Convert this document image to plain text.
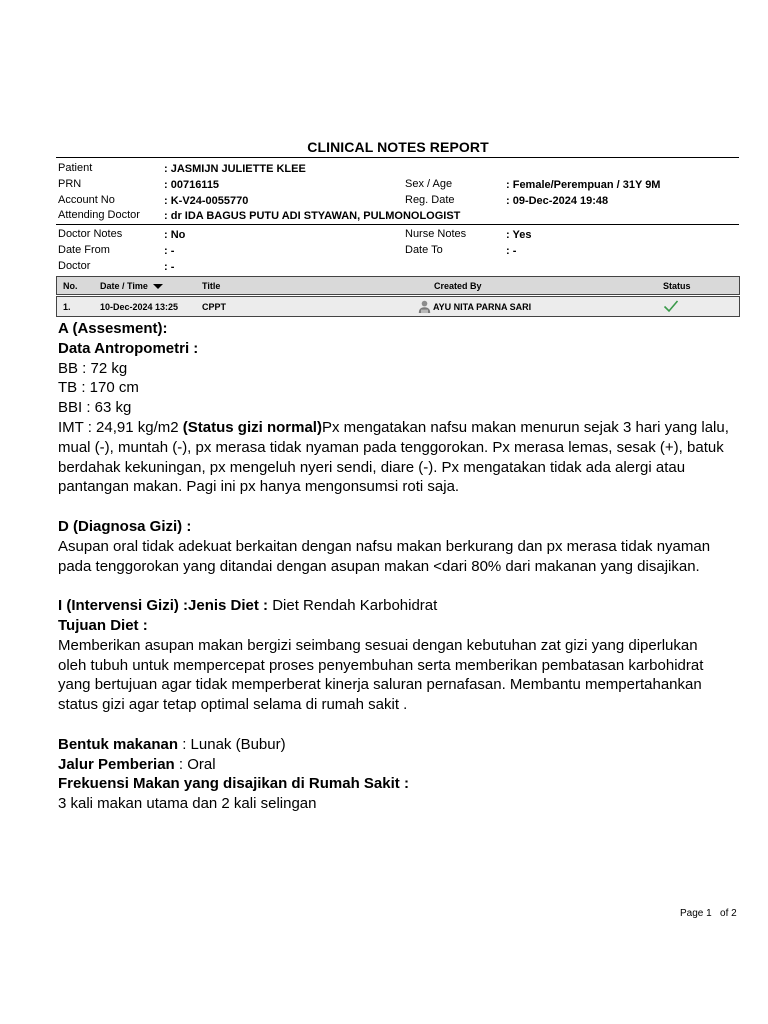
CLINICAL NOTES REPORT
Patient	: JASMIJN JULIETTE KLEE
PRN	: 00716115
Account No	: K-V24-0055770
Attending Doctor : dr IDA BAGUS PUTU ADI STYAWAN, PULMONOLOGIST
Sex / Age	: Female/Perempuan / 31Y 9M
Reg. Date	: 09-Dec-2024 19:48
Doctor Notes	: No
Date From	: -
Doctor	: -
Nurse Notes	: Yes
Date To	: -
No.	Date / Time	Title	Created By	Status
1.	10-Dec-2024 13:25	CPPT	AYU NITA PARNA SARI
A (Assesment):
Data Antropometri :
BB : 72 kg
TB : 170 cm
BBI : 63 kg
IMT : 24,91 kg/m2 (Status gizi normal)Px mengatakan nafsu makan menurun sejak 3 hari yang lalu, mual (-), muntah (-), px merasa tidak nyaman pada tenggorokan. Px merasa lemas, sesak (+), batuk berdahak kekuningan, px mengeluh nyeri sendi, diare (-). Px mengatakan tidak ada alergi atau pantangan makan. Pagi ini px hanya mengonsumsi roti saja.
D (Diagnosa Gizi) :
Asupan oral tidak adekuat berkaitan dengan nafsu makan berkurang dan px merasa tidak nyaman pada tenggorokan yang ditandai dengan asupan makan <dari 80% dari makanan yang disajikan.
I (Intervensi Gizi) :Jenis Diet : Diet Rendah Karbohidrat
Tujuan Diet :
Memberikan asupan makan bergizi seimbang sesuai dengan kebutuhan zat gizi yang diperlukan oleh tubuh untuk mempercepat proses penyembuhan serta memberikan pembatasan karbohidrat yang bertujuan agar tidak memperberat kinerja saluran pernafasan. Membantu mempertahankan status gizi agar tetap optimal selama di rumah sakit .
Bentuk makanan : Lunak (Bubur)
Jalur Pemberian : Oral
Frekuensi Makan yang disajikan di Rumah Sakit :
3 kali makan utama dan 2 kali selingan
Page 1 of 2
